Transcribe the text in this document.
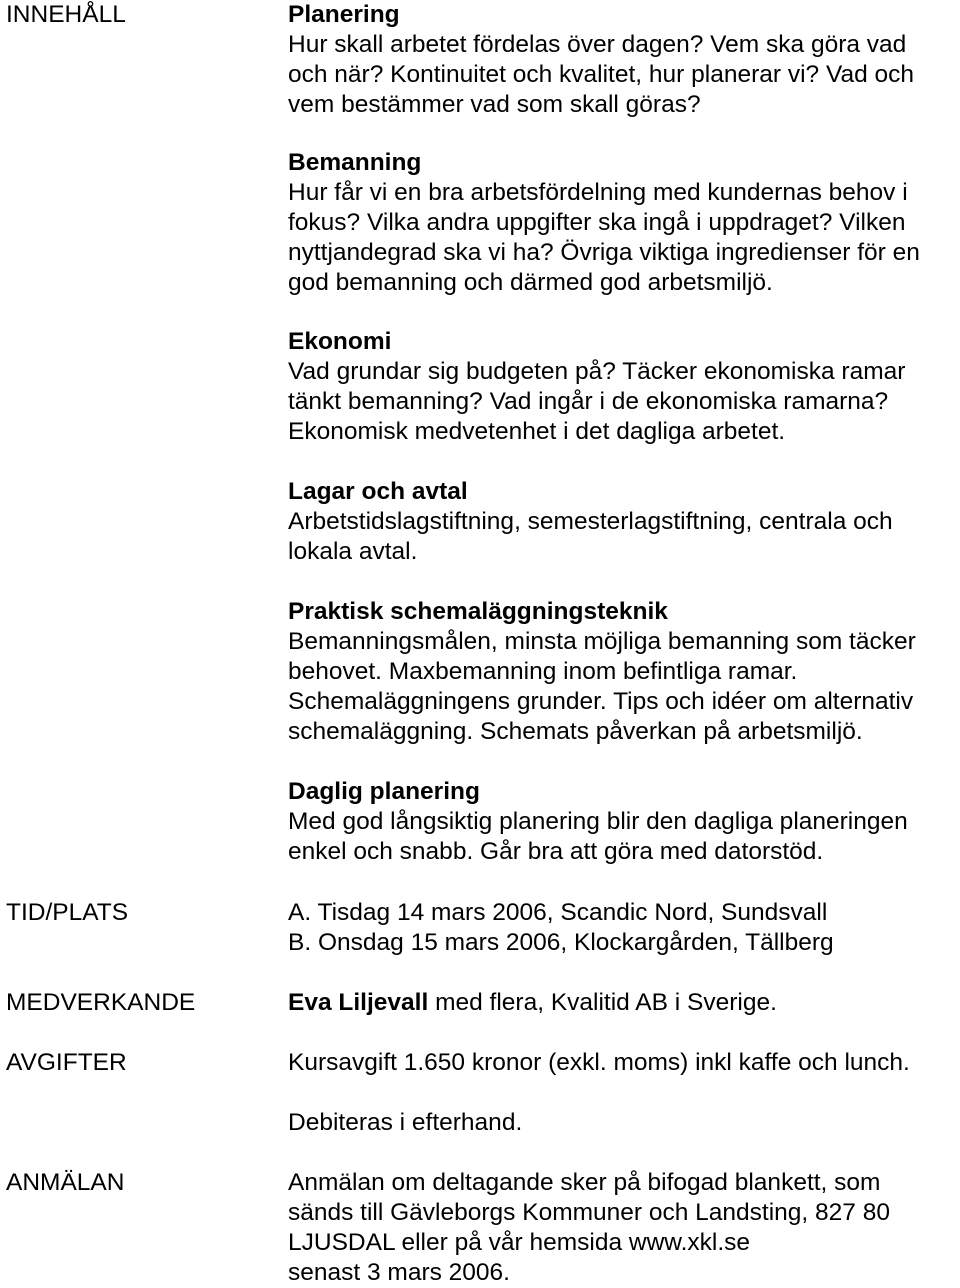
INNEHÅLL
TID/PLATS
MEDVERKANDE
AVGIFTER
ANMÄLAN
Planering
Hur skall arbetet fördelas över dagen? Vem ska göra vad
och när? Kontinuitet och kvalitet, hur planerar vi? Vad och
vem bestämmer vad som skall göras?
Bemanning
Hur får vi en bra arbetsfördelning med kundernas behov i
fokus? Vilka andra uppgifter ska ingå i uppdraget? Vilken
nyttjandegrad ska vi ha? Övriga viktiga ingredienser för en
god bemanning och därmed god arbetsmiljö.
Ekonomi
Vad grundar sig budgeten på? Täcker ekonomiska ramar
tänkt bemanning? Vad ingår i de ekonomiska ramarna?
Ekonomisk medvetenhet i det dagliga arbetet.
Lagar och avtal
Arbetstidslagstiftning, semesterlagstiftning, centrala och
lokala avtal.
Praktisk schemaläggningsteknik
Bemanningsmålen, minsta möjliga bemanning som täcker
behovet. Maxbemanning inom befintliga ramar.
Schemaläggningens grunder. Tips och idéer om alternativ
schemaläggning. Schemats påverkan på arbetsmiljö.
Daglig planering
Med god långsiktig planering blir den dagliga planeringen
enkel och snabb. Går bra att göra med datorstöd.
A. Tisdag 14 mars 2006, Scandic Nord, Sundsvall
B. Onsdag 15 mars 2006, Klockargården, Tällberg
Eva Liljevall med flera, Kvalitid AB i Sverige.
Kursavgift 1.650 kronor (exkl. moms) inkl kaffe och lunch.
Debiteras i efterhand.
Anmälan om deltagande sker på bifogad blankett, som
sänds till Gävleborgs Kommuner och Landsting, 827 80
LJUSDAL eller på vår hemsida www.xkl.se
senast 3 mars 2006.
